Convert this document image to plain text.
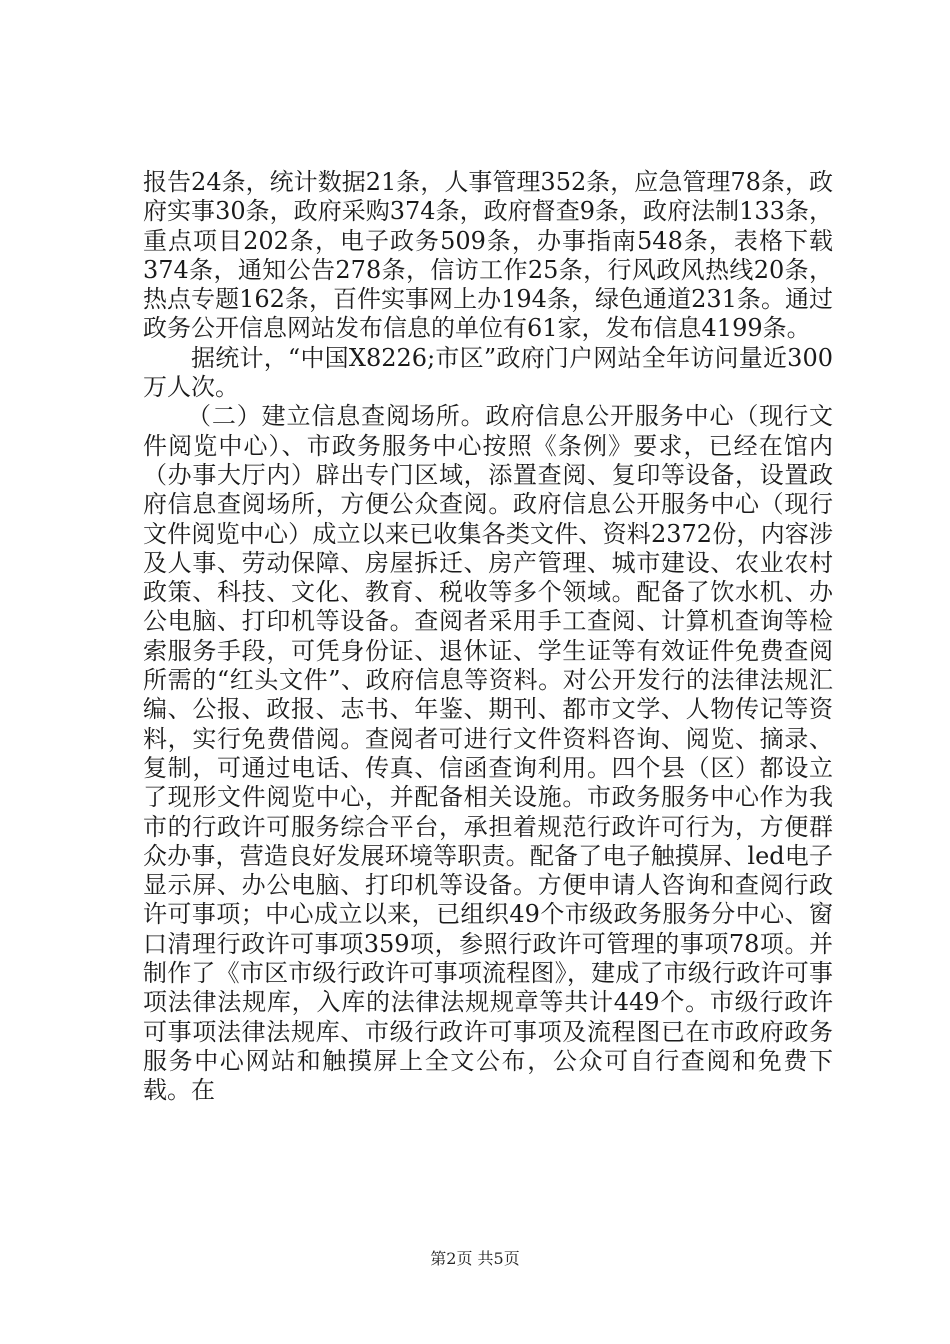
报告24条，统计数据21条，人事管理352条，应急管理78条，政府实事30条，政府采购374条，政府督查9条，政府法制133条，重点项目202条，电子政务509条，办事指南548条，表格下载374条，通知公告278条，信访工作25条，行风政风热线20条，热点专题162条，百件实事网上办194条，绿色通道231条。通过政务公开信息网站发布信息的单位有61家，发布信息4199条。

据统计，“中国X8226;市区”政府门户网站全年访问量近300万人次。

（二）建立信息查阅场所。政府信息公开服务中心（现行文件阅览中心）、市政务服务中心按照《条例》要求，已经在馆内（办事大厅内）辟出专门区域，添置查阅、复印等设备，设置政府信息查阅场所，方便公众查阅。政府信息公开服务中心（现行文件阅览中心）成立以来已收集各类文件、资料2372份，内容涉及人事、劳动保障、房屋拆迁、房产管理、城市建设、农业农村政策、科技、文化、教育、税收等多个领域。配备了饮水机、办公电脑、打印机等设备。查阅者采用手工查阅、计算机查询等检索服务手段，可凭身份证、退休证、学生证等有效证件免费查阅所需的“红头文件”、政府信息等资料。对公开发行的法律法规汇编、公报、政报、志书、年鉴、期刊、都市文学、人物传记等资料，实行免费借阅。查阅者可进行文件资料咨询、阅览、摘录、复制，可通过电话、传真、信函查询利用。四个县（区）都设立了现形文件阅览中心，并配备相关设施。市政务服务中心作为我市的行政许可服务综合平台，承担着规范行政许可行为，方便群众办事，营造良好发展环境等职责。配备了电子触摸屏、led电子显示屏、办公电脑、打印机等设备。方便申请人咨询和查阅行政许可事项；中心成立以来，已组织49个市级政务服务分中心、窗口清理行政许可事项359项，参照行政许可管理的事项78项。并制作了《市区市级行政许可事项流程图》，建成了市级行政许可事项法律法规库，入库的法律法规规章等共计449个。市级行政许可事项法律法规库、市级行政许可事项及流程图已在市政府政务服务中心网站和触摸屏上全文公布，公众可自行查阅和免费下载。在

第2页 共5页
